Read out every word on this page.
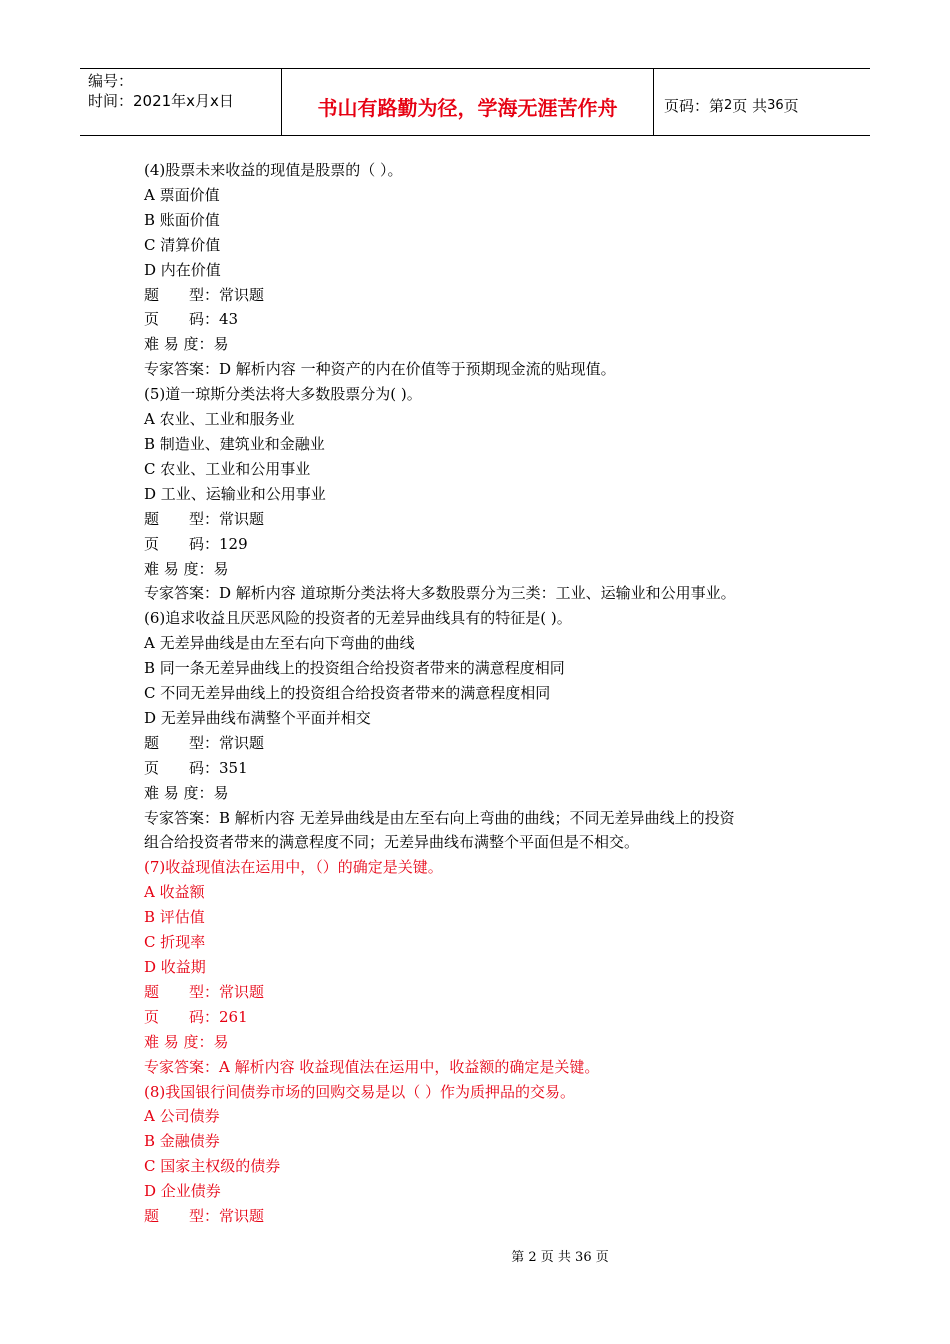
编号：
时间：2021年x月x日	书山有路勤为径，学海无涯苦作舟	页码：第 2 页 共 36 页
(4)股票未来收益的现值是股票的（ ）。
A 票面价值
B 账面价值
C 清算价值
D 内在价值
题　　型：常识题
页　　码：43
难 易 度：易
专家答案：D 解析内容 一种资产的内在价值等于预期现金流的贴现值。
(5)道一琼斯分类法将大多数股票分为( )。
A 农业、工业和服务业
B 制造业、建筑业和金融业
C 农业、工业和公用事业
D 工业、运输业和公用事业
题　　型：常识题
页　　码：129
难 易 度：易
专家答案：D 解析内容 道琼斯分类法将大多数股票分为三类：工业、运输业和公用事业。
(6)追求收益且厌恶风险的投资者的无差异曲线具有的特征是( )。
A 无差异曲线是由左至右向下弯曲的曲线
B 同一条无差异曲线上的投资组合给投资者带来的满意程度相同
C 不同无差异曲线上的投资组合给投资者带来的满意程度相同
D 无差异曲线布满整个平面并相交
题　　型：常识题
页　　码：351
难 易 度：易
专家答案：B 解析内容 无差异曲线是由左至右向上弯曲的曲线；不同无差异曲线上的投资
组合给投资者带来的满意程度不同；无差异曲线布满整个平面但是不相交。
(7)收益现值法在运用中，（）的确定是关键。
A 收益额
B 评估值
C 折现率
D 收益期
题　　型：常识题
页　　码：261
难 易 度：易
专家答案：A 解析内容 收益现值法在运用中，收益额的确定是关键。
(8)我国银行间债券市场的回购交易是以（ ）作为质押品的交易。
A 公司债券
B 金融债券
C 国家主权级的债券
D 企业债券
题　　型：常识题
第 2 页 共 36 页
